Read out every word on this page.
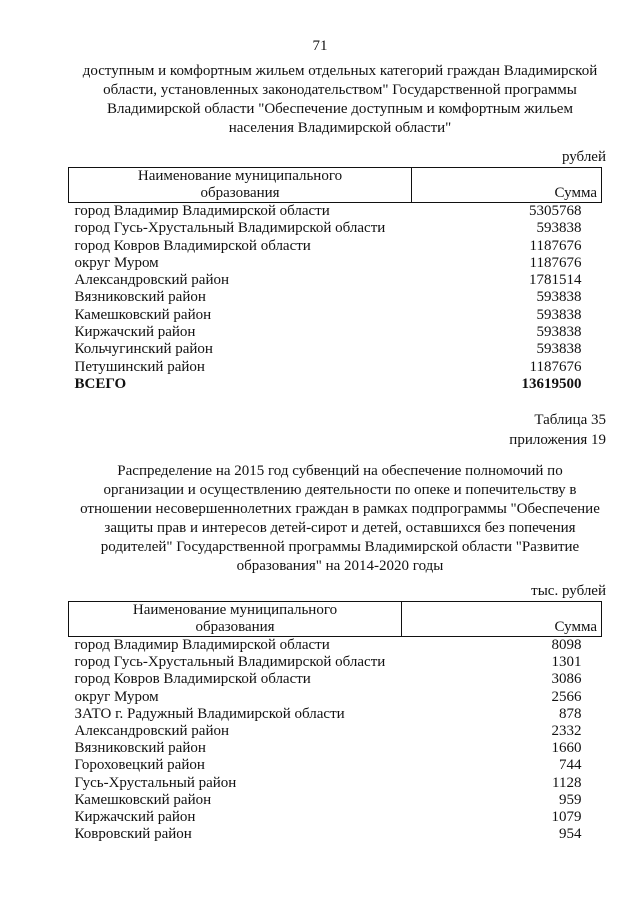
71
доступным и комфортным жильем отдельных категорий граждан Владимирской
области, установленных законодательством" Государственной программы
Владимирской области "Обеспечение доступным и комфортным жильем
населения Владимирской области"
рублей
Наименование муниципального
образования	Сумма
город Владимир Владимирской области	5305768
город Гусь-Хрустальный Владимирской области	593838
город Ковров Владимирской области	1187676
округ Муром	1187676
Александровский район	1781514
Вязниковский район	593838
Камешковский район	593838
Киржачский район	593838
Кольчугинский район	593838
Петушинский район	1187676
ВСЕГО	13619500
Таблица 35
приложения 19
Распределение на 2015 год субвенций на обеспечение полномочий по
организации и осуществлению деятельности по опеке и попечительству в
отношении несовершеннолетних граждан в рамках подпрограммы "Обеспечение
защиты прав и интересов детей-сирот и детей, оставшихся без попечения
родителей" Государственной программы Владимирской области "Развитие
образования" на 2014-2020 годы
тыс. рублей
Наименование муниципального
образования	Сумма
город Владимир Владимирской области	8098
город Гусь-Хрустальный Владимирской области	1301
город Ковров Владимирской области	3086
округ Муром	2566
ЗАТО г. Радужный Владимирской области	878
Александровский район	2332
Вязниковский район	1660
Гороховецкий район	744
Гусь-Хрустальный район	1128
Камешковский район	959
Киржачский район	1079
Ковровский район	954
